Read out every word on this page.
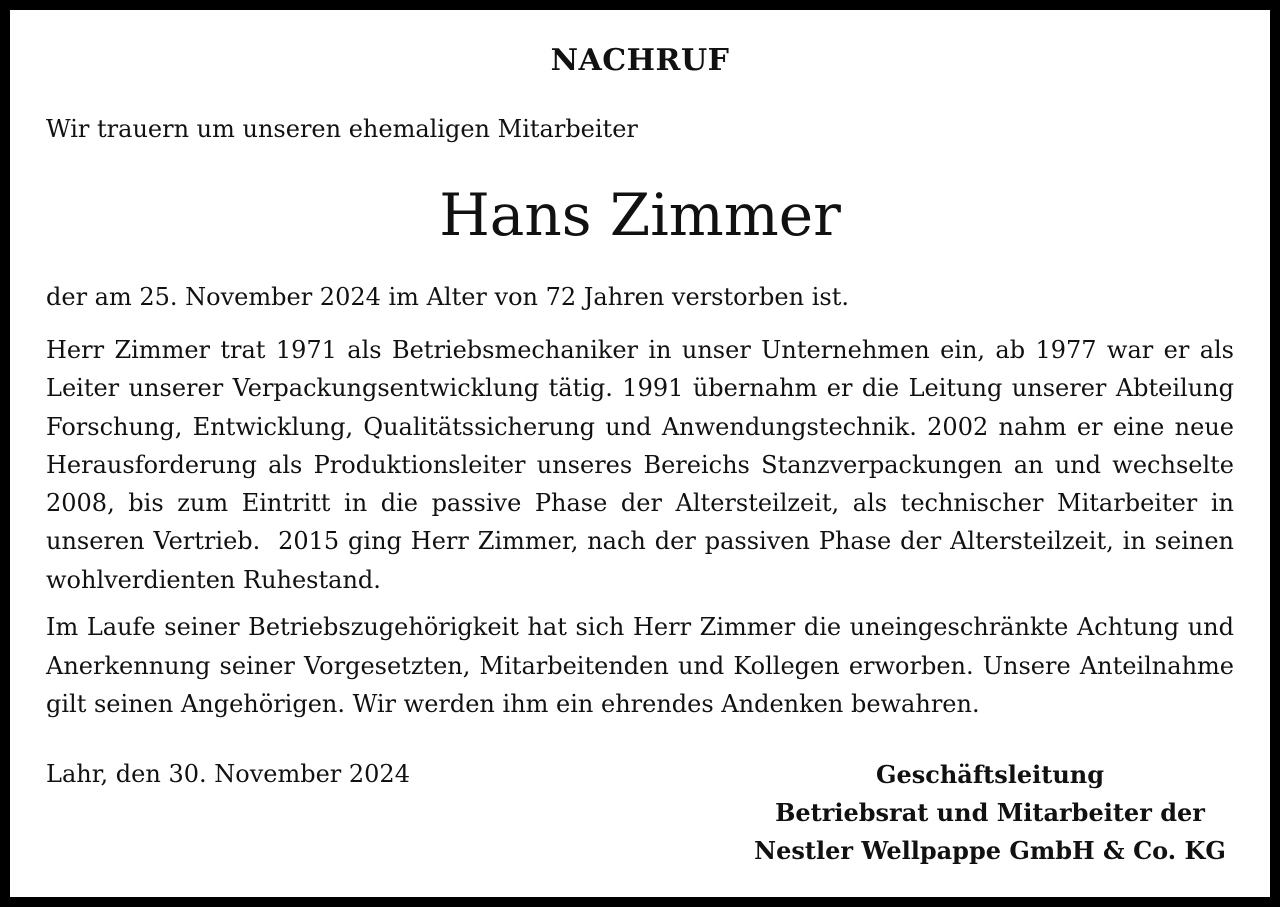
NACHRUF
Wir trauern um unseren ehemaligen Mitarbeiter
Hans Zimmer
der am 25. November 2024 im Alter von 72 Jahren verstorben ist.
Herr Zimmer trat 1971 als Betriebsmechaniker in unser Unternehmen ein, ab 1977 war er als
Leiter unserer Verpackungsentwicklung tätig. 1991 übernahm er die Leitung unserer Abteilung
Forschung, Entwicklung, Qualitätssicherung und Anwendungstechnik. 2002 nahm er eine neue
Herausforderung als Produktionsleiter unseres Bereichs Stanzverpackungen an und wechselte
2008, bis zum Eintritt in die passive Phase der Altersteilzeit, als technischer Mitarbeiter in
unseren Vertrieb.  2015 ging Herr Zimmer, nach der passiven Phase der Altersteilzeit, in seinen
wohlverdienten Ruhestand.
Im Laufe seiner Betriebszugehörigkeit hat sich Herr Zimmer die uneingeschränkte Achtung und
Anerkennung seiner Vorgesetzten, Mitarbeitenden und Kollegen erworben. Unsere Anteilnahme
gilt seinen Angehörigen. Wir werden ihm ein ehrendes Andenken bewahren.
Lahr, den 30. November 2024	Geschäftsleitung
Betriebsrat und Mitarbeiter der
Nestler Wellpappe GmbH & Co. KG
